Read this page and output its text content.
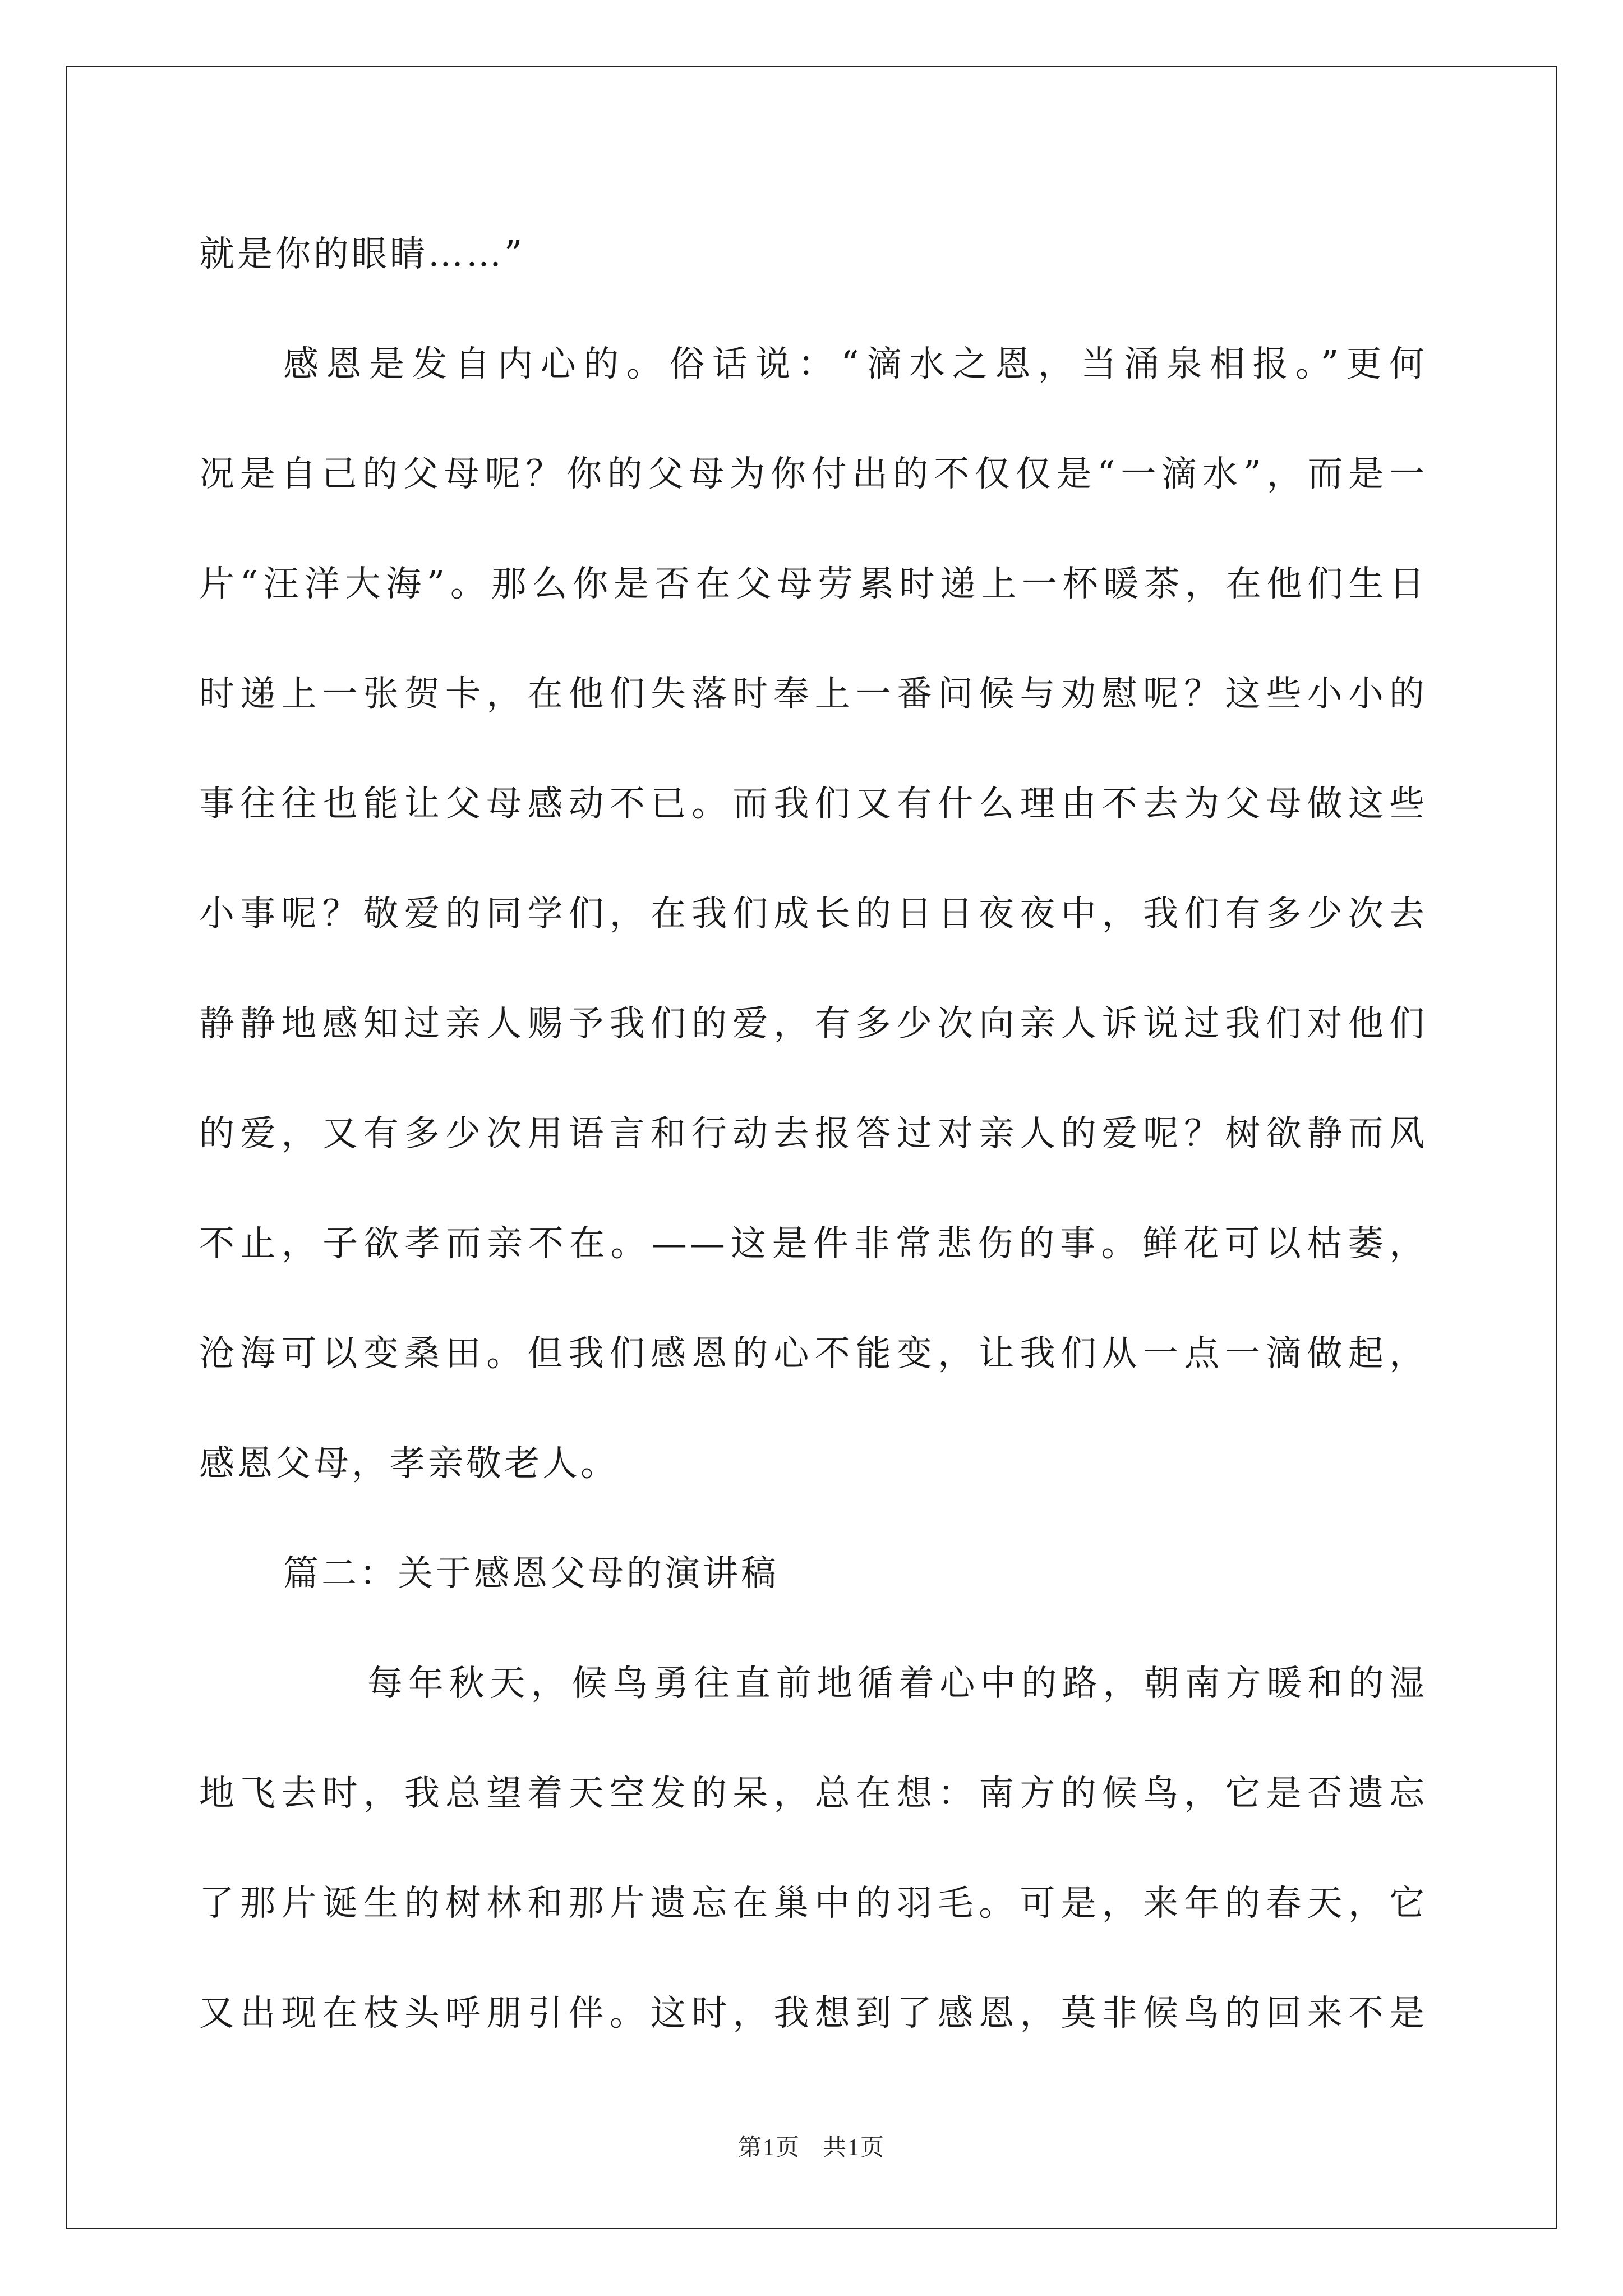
就是你的眼睛……”
感恩是发自内心的。俗话说：“滴水之恩，当涌泉相报。”更何
况是自己的父母呢？你的父母为你付出的不仅仅是“一滴水”，而是一
片“汪洋大海”。那么你是否在父母劳累时递上一杯暖茶，在他们生日
时递上一张贺卡，在他们失落时奉上一番问候与劝慰呢？这些小小的
事往往也能让父母感动不已。而我们又有什么理由不去为父母做这些
小事呢？敬爱的同学们，在我们成长的日日夜夜中，我们有多少次去
静静地感知过亲人赐予我们的爱，有多少次向亲人诉说过我们对他们
的爱，又有多少次用语言和行动去报答过对亲人的爱呢？树欲静而风
不止，子欲孝而亲不在。——这是件非常悲伤的事。鲜花可以枯萎，
沧海可以变桑田。但我们感恩的心不能变，让我们从一点一滴做起，
感恩父母，孝亲敬老人。
篇二：关于感恩父母的演讲稿
每年秋天，候鸟勇往直前地循着心中的路，朝南方暖和的湿
地飞去时，我总望着天空发的呆，总在想：南方的候鸟，它是否遗忘
了那片诞生的树林和那片遗忘在巢中的羽毛。可是，来年的春天，它
又出现在枝头呼朋引伴。这时，我想到了感恩，莫非候鸟的回来不是
第1页 共1页
